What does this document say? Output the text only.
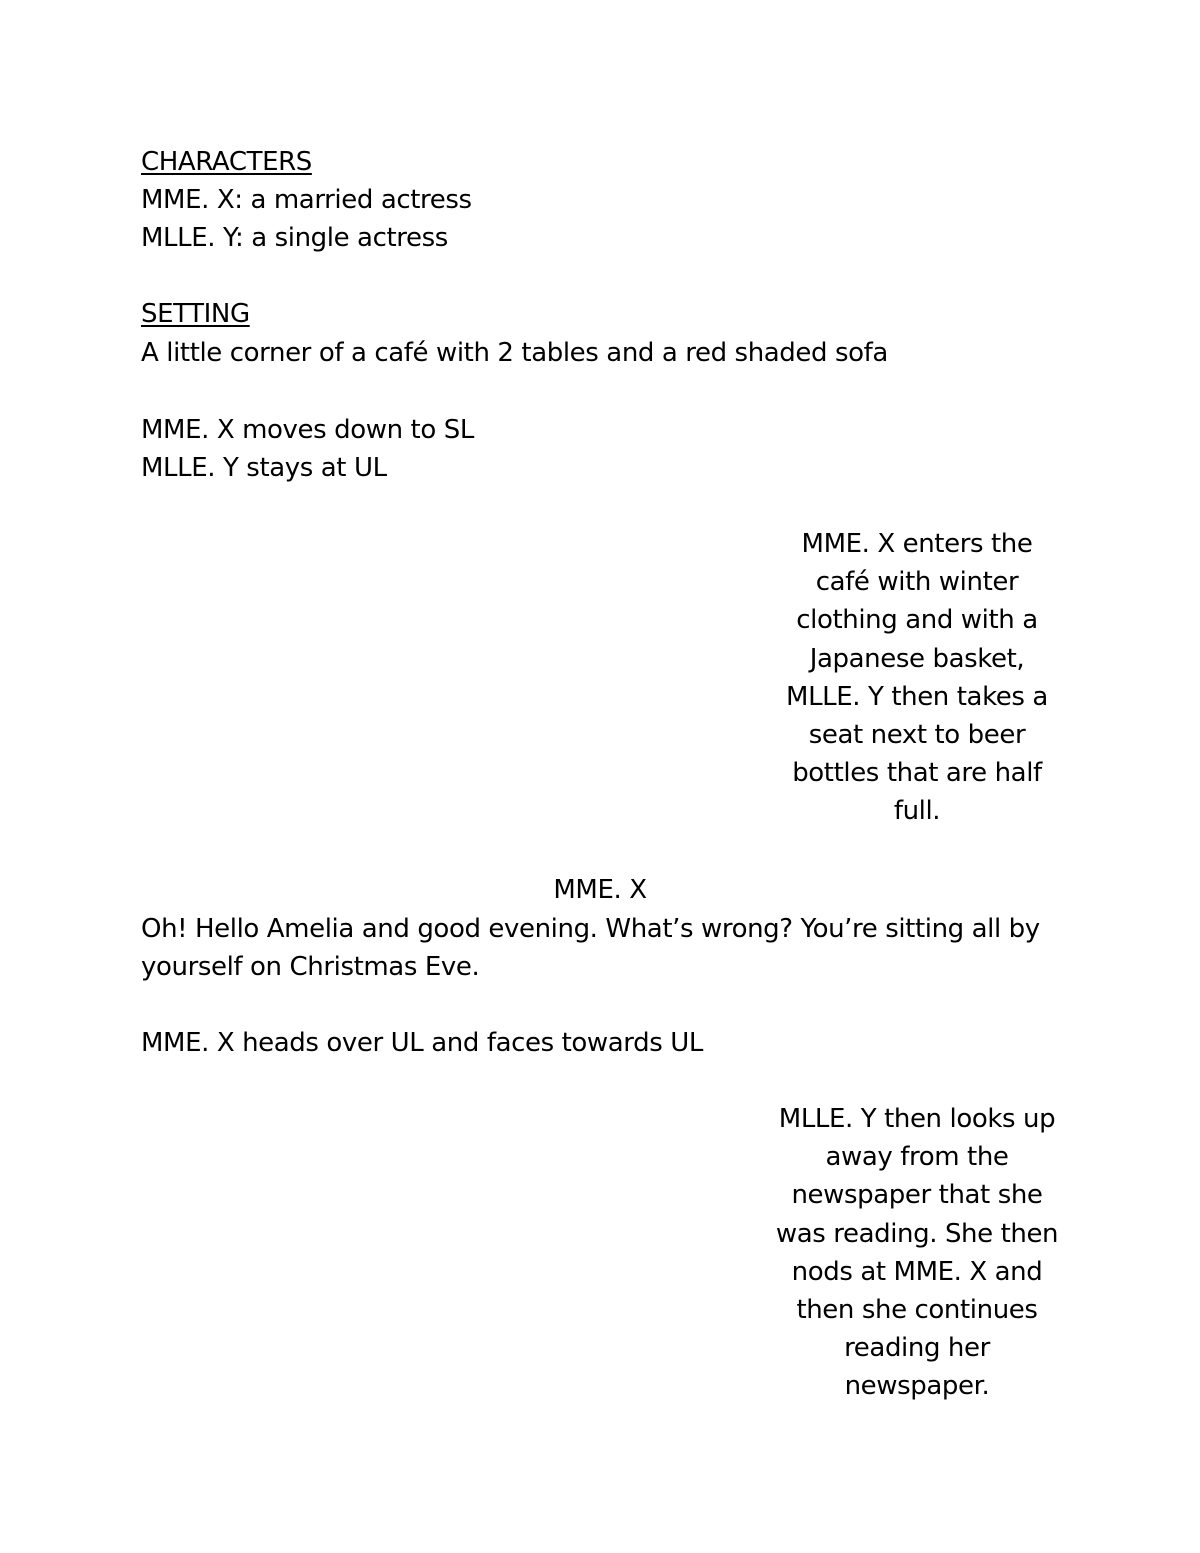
CHARACTERS
MME. X: a married actress
MLLE. Y: a single actress
SETTING
A little corner of a café with 2 tables and a red shaded sofa
MME. X moves down to SL
MLLE. Y stays at UL
MME. X enters the
café with winter
clothing and with a
Japanese basket,
MLLE. Y then takes a
seat next to beer
bottles that are half
full.
MME. X
Oh! Hello Amelia and good evening. What’s wrong? You’re sitting all by
yourself on Christmas Eve.
MME. X heads over UL and faces towards UL
MLLE. Y then looks up
away from the
newspaper that she
was reading. She then
nods at MME. X and
then she continues
reading her
newspaper.
